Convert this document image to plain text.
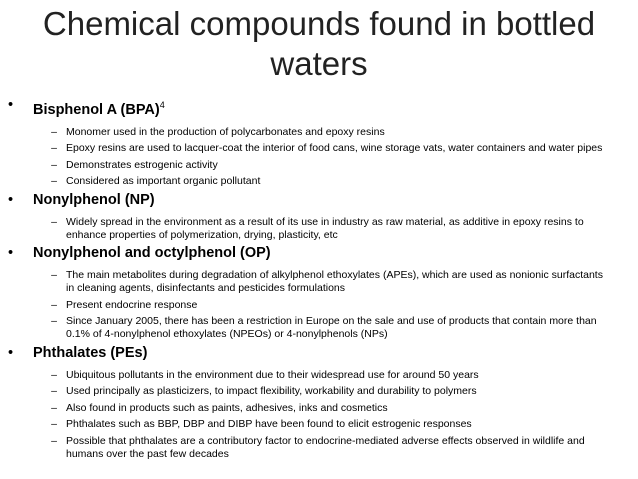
Chemical compounds found in bottled
waters
•	Bisphenol A (BPA)$^4$
– Monomer used in the production of polycarbonates and epoxy resins
– Epoxy resins are used to lacquer-coat the interior of food cans, wine storage vats, water containers and water pipes
– Demonstrates estrogenic activity
– Considered as important organic pollutant
•	Nonylphenol (NP)
– Widely spread in the environment as a result of its use in industry as raw material, as additive in epoxy resins to enhance properties of polymerization, drying, plasticity, etc
•	Nonylphenol and octylphenol (OP)
– The main metabolites during degradation of alkylphenol ethoxylates (APEs), which are used as nonionic surfactants in cleaning agents, disinfectants and pesticides formulations
– Present endocrine response
– Since January 2005, there has been a restriction in Europe on the sale and use of products that contain more than 0.1% of 4-nonylphenol ethoxylates (NPEOs) or 4-nonylphenols (NPs)
•	Phthalates (PEs)
– Ubiquitous pollutants in the environment due to their widespread use for around 50 years
– Used principally as plasticizers, to impact flexibility, workability and durability to polymers
– Also found in products such as paints, adhesives, inks and cosmetics
– Phthalates such as BBP, DBP and DIBP have been found to elicit estrogenic responses
– Possible that phthalates are a contributory factor to endocrine-mediated adverse effects observed in wildlife and humans over the past few decades
